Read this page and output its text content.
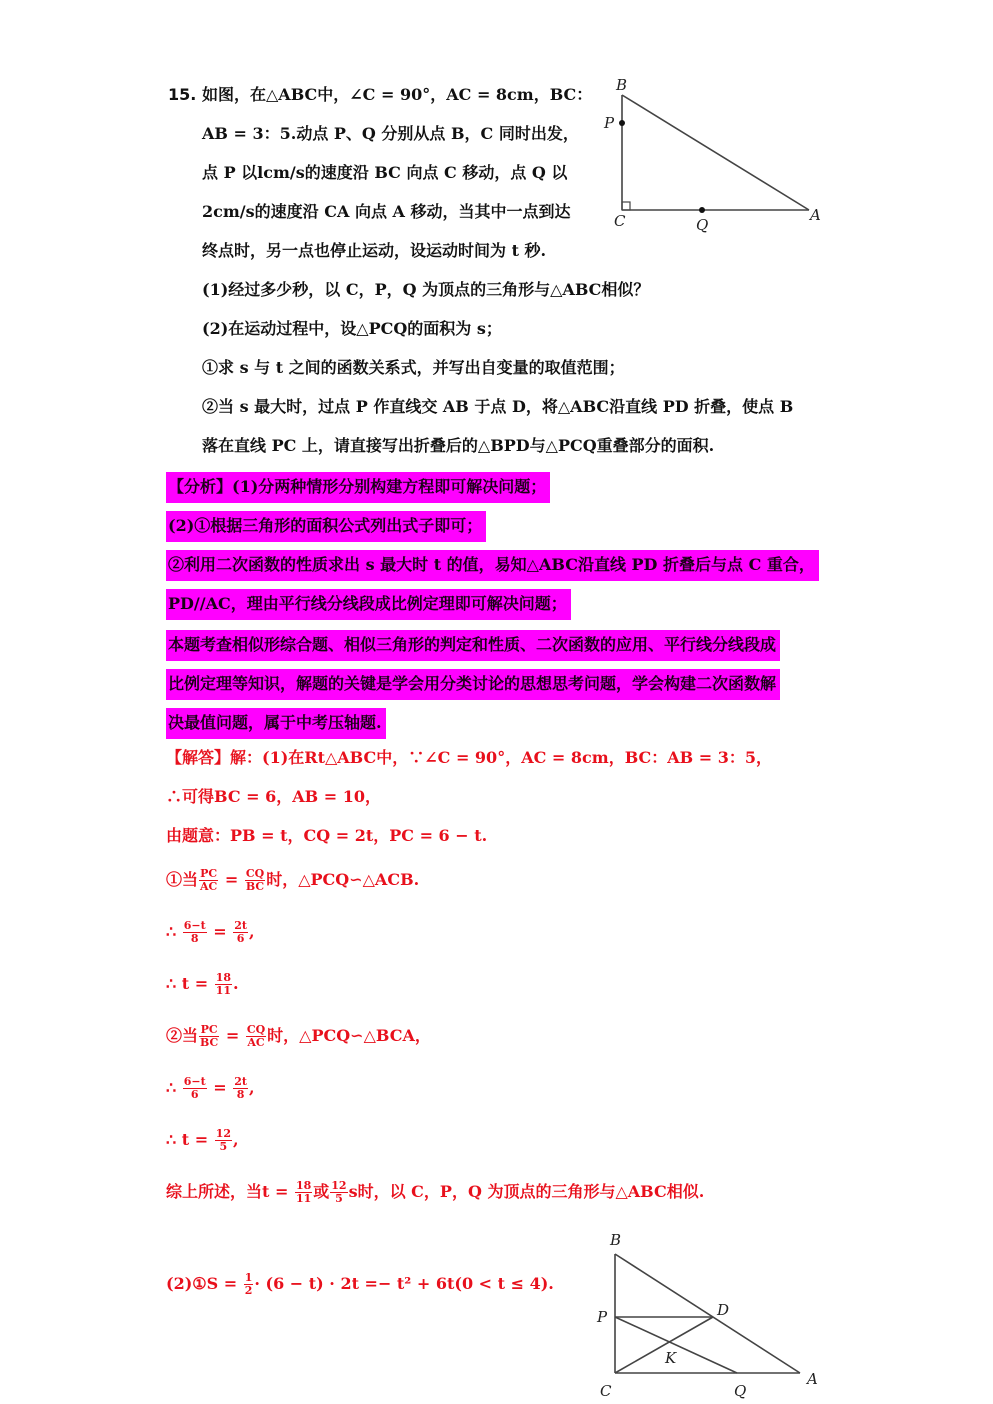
15. 如图，在△ABC中，∠C = 90°，AC = 8cm，BC：
AB = 3：5.动点 P、Q 分别从点 B，C 同时出发，
点 P 以lcm/s的速度沿 BC 向点 C 移动，点 Q 以
2cm/s的速度沿 CA 向点 A 移动，当其中一点到达
终点时，另一点也停止运动，设运动时间为 t 秒.
B
P
C	Q
A
(1)经过多少秒，以 C，P，Q 为顶点的三角形与△ABC相似？
(2)在运动过程中，设△PCQ的面积为 s；
①求 s 与 t 之间的函数关系式，并写出自变量的取值范围；
②当 s 最大时，过点 P 作直线交 AB 于点 D，将△ABC沿直线 PD 折叠，使点 B
落在直线 PC 上，请直接写出折叠后的△BPD与△PCQ重叠部分的面积.
【分析】(1)分两种情形分别构建方程即可解决问题；
(2)①根据三角形的面积公式列出式子即可；
②利用二次函数的性质求出 s 最大时 t 的值，易知△ABC沿直线 PD 折叠后与点 C 重合，
PD//AC，理由平行线分线段成比例定理即可解决问题；
本题考查相似形综合题、相似三角形的判定和性质、二次函数的应用、平行线分线段成
比例定理等知识，解题的关键是学会用分类讨论的思想思考问题，学会构建二次函数解
决最值问题，属于中考压轴题.
【解答】解：(1)在Rt△ABC中，∵∠C = 90°，AC = 8cm，BC：AB = 3：5，
∴可得BC = 6，AB = 10，
由题意：PB = t，CQ = 2t，PC = 6 − t.
①当 $\frac{PC}{AC} = \frac{CQ}{BC}$ 时，△PCQ∽△ACB.
∴ $\frac{6-t}{8} = \frac{2t}{6}$ ,
∴ $t = \frac{18}{11}$ .
②当 $\frac{PC}{BC} = \frac{CQ}{AC}$ 时，△PCQ∽△BCA，
∴ $\frac{6-t}{6} = \frac{2t}{8}$ ,
∴ $t = \frac{12}{5}$ ,
综上所述，当$t = \frac{18}{11}$ 或 $\frac{12}{5}$ s时，以 C，P，Q 为顶点的三角形与△ABC相似.
(2)①S = $\frac{1}{2} \cdot (6 - t) \cdot 2t =- t^2 + 6t(0 < t \le 4)$.
B
P	D
K
C	Q
A
